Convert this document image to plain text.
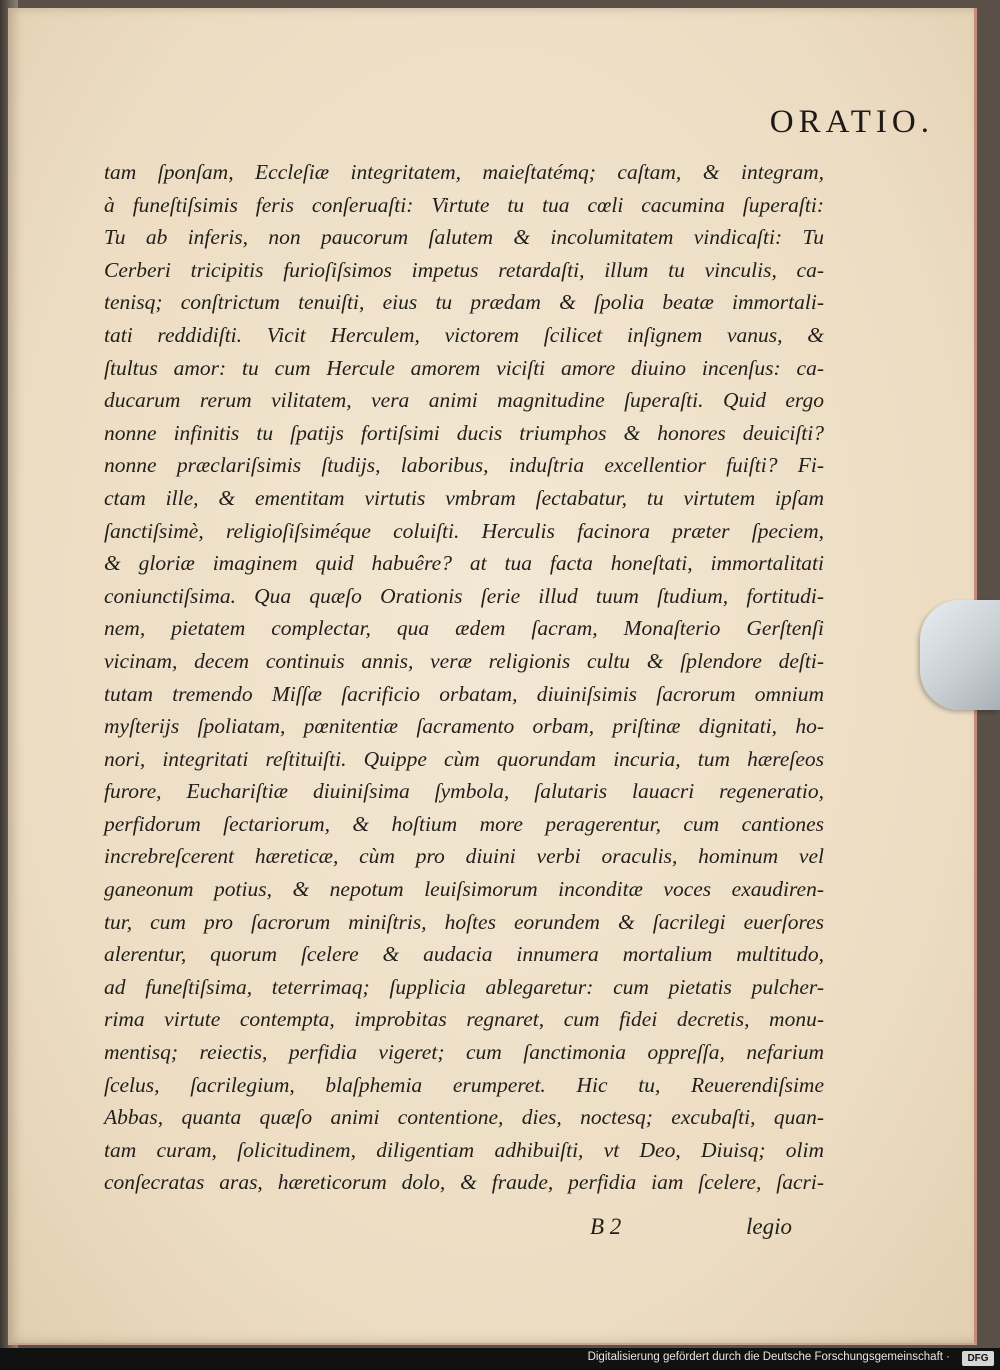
ORATIO.
tam ſponſam, Eccleſiæ integritatem, maieſtatémq; caſtam, & integram,
à funeſtiſsimis feris conſeruaſti: Virtute tu tua cœli cacumina ſuperaſti:
Tu ab inferis, non paucorum ſalutem & incolumitatem vindicaſti: Tu
Cerberi tricipitis furioſiſsimos impetus retardaſti, illum tu vinculis, ca-
tenisq; conſtrictum tenuiſti, eius tu prædam & ſpolia beatæ immortali-
tati reddidiſti. Vicit Herculem, victorem ſcilicet inſignem vanus, &
ſtultus amor: tu cum Hercule amorem viciſti amore diuino incenſus: ca-
ducarum rerum vilitatem, vera animi magnitudine ſuperaſti. Quid ergo
nonne infinitis tu ſpatijs fortiſsimi ducis triumphos & honores deuiciſti?
nonne præclariſsimis ſtudijs, laboribus, induſtria excellentior fuiſti? Fi-
ctam ille, & ementitam virtutis vmbram ſectabatur, tu virtutem ipſam
ſanctiſsimè, religioſiſsiméque coluiſti. Herculis facinora præter ſpeciem,
& gloriæ imaginem quid habuêre? at tua facta honeſtati, immortalitati
coniunctiſsima. Qua quæſo Orationis ſerie illud tuum ſtudium, fortitudi-
nem, pietatem complectar, qua ædem ſacram, Monaſterio Gerſtenſi
vicinam, decem continuis annis, veræ religionis cultu & ſplendore deſti-
tutam tremendo Miſſæ ſacrificio orbatam, diuiniſsimis ſacrorum omnium
myſterijs ſpoliatam, pœnitentiæ ſacramento orbam, priſtinæ dignitati, ho-
nori, integritati reſtituiſti. Quippe cùm quorundam incuria, tum hæreſeos
furore, Euchariſtiæ diuiniſsima ſymbola, ſalutaris lauacri regeneratio,
perfidorum ſectariorum, & hoſtium more peragerentur, cum cantiones
increbreſcerent hæreticæ, cùm pro diuini verbi oraculis, hominum vel
ganeonum potius, & nepotum leuiſsimorum inconditæ voces exaudiren-
tur, cum pro ſacrorum miniſtris, hoſtes eorundem & ſacrilegi euerſores
alerentur, quorum ſcelere & audacia innumera mortalium multitudo,
ad funeſtiſsima, teterrimaq; ſupplicia ablegaretur: cum pietatis pulcher-
rima virtute contempta, improbitas regnaret, cum fidei decretis, monu-
mentisq; reiectis, perfidia vigeret; cum ſanctimonia oppreſſa, nefarium
ſcelus, ſacrilegium, blaſphemia erumperet. Hic tu, Reuerendiſsime
Abbas, quanta quæſo animi contentione, dies, noctesq; excubaſti, quan-
tam curam, ſolicitudinem, diligentiam adhibuiſti, vt Deo, Diuisq; olim
conſecratas aras, hæreticorum dolo, & fraude, perfidia iam ſcelere, ſacri-
B 2	legio
Digitalisierung gefördert durch die Deutsche Forschungsgemeinschaft ·	DFG
